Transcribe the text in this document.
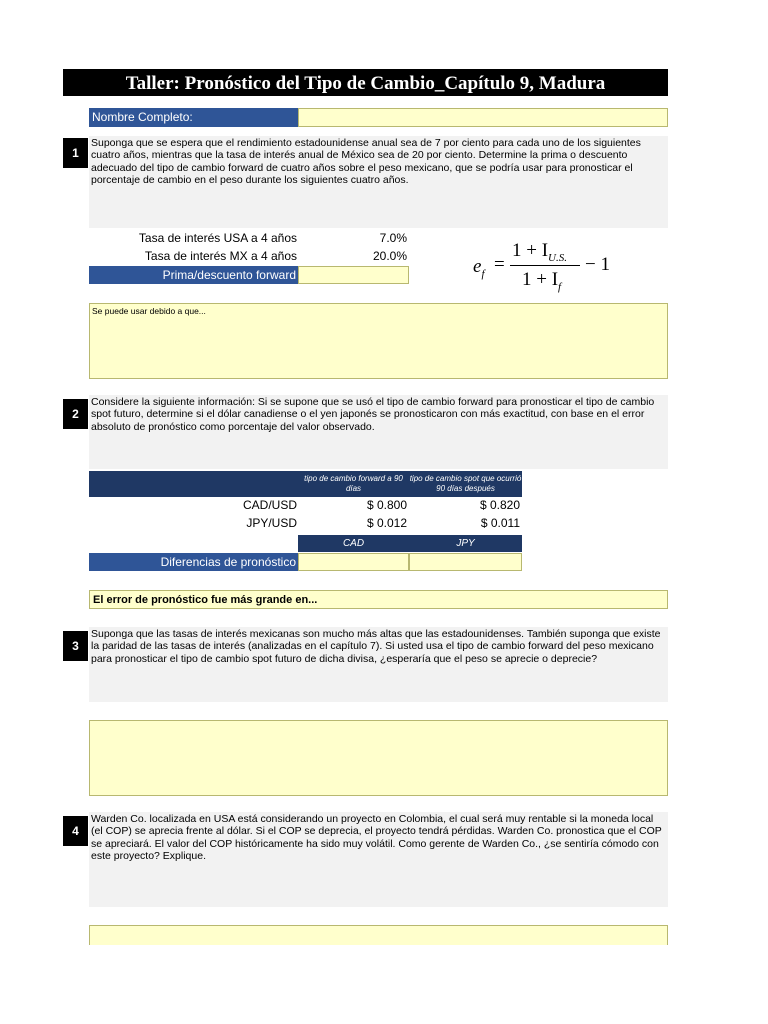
Taller: Pronóstico del Tipo de Cambio_Capítulo 9, Madura
Nombre Completo:
1
Suponga que se espera que el rendimiento estadounidense anual sea de 7 por ciento para cada uno de los siguientes cuatro años, mientras que la tasa de interés anual de México sea de 20 por ciento. Determine la prima o descuento adecuado del tipo de cambio forward de cuatro años sobre el peso mexicano, que se podría usar para pronosticar el porcentaje de cambio en el peso durante los siguientes cuatro años.
Tasa de interés USA a 4 años	7.0%
Tasa de interés MX a 4 años	20.0%
Prima/descuento forward	$e_f$ =
$1 + I_{U.S.}$
$1 + I_f$
− 1
Se puede usar debido a que...
2
Considere la siguiente información: Si se supone que se usó el tipo de cambio forward para pronosticar el tipo de cambio spot futuro, determine si el dólar canadiense o el yen japonés se pronosticaron con más exactitud, con base en el error absoluto de pronóstico como porcentaje del valor observado.
tipo de cambio forward a 90 días
tipo de cambio spot que ocurrió 90 días después
CAD/USD	$ 0.800	$ 0.820
JPY/USD	$ 0.012	$ 0.011
CAD	JPY
Diferencias de pronóstico
El error de pronóstico fue más grande en...
3
Suponga que las tasas de interés mexicanas son mucho más altas que las estadounidenses. También suponga que existe la paridad de las tasas de interés (analizadas en el capítulo 7). Si usted usa el tipo de cambio forward del peso mexicano para pronosticar el tipo de cambio spot futuro de dicha divisa, ¿esperaría que el peso se aprecie o deprecie?
4
Warden Co. localizada en USA está considerando un proyecto en Colombia, el cual será muy rentable si la moneda local (el COP) se aprecia frente al dólar. Si el COP se deprecia, el proyecto tendrá pérdidas. Warden Co. pronostica que el COP se apreciará. El valor del COP históricamente ha sido muy volátil. Como gerente de Warden Co., ¿se sentiría cómodo con este proyecto? Explique.
